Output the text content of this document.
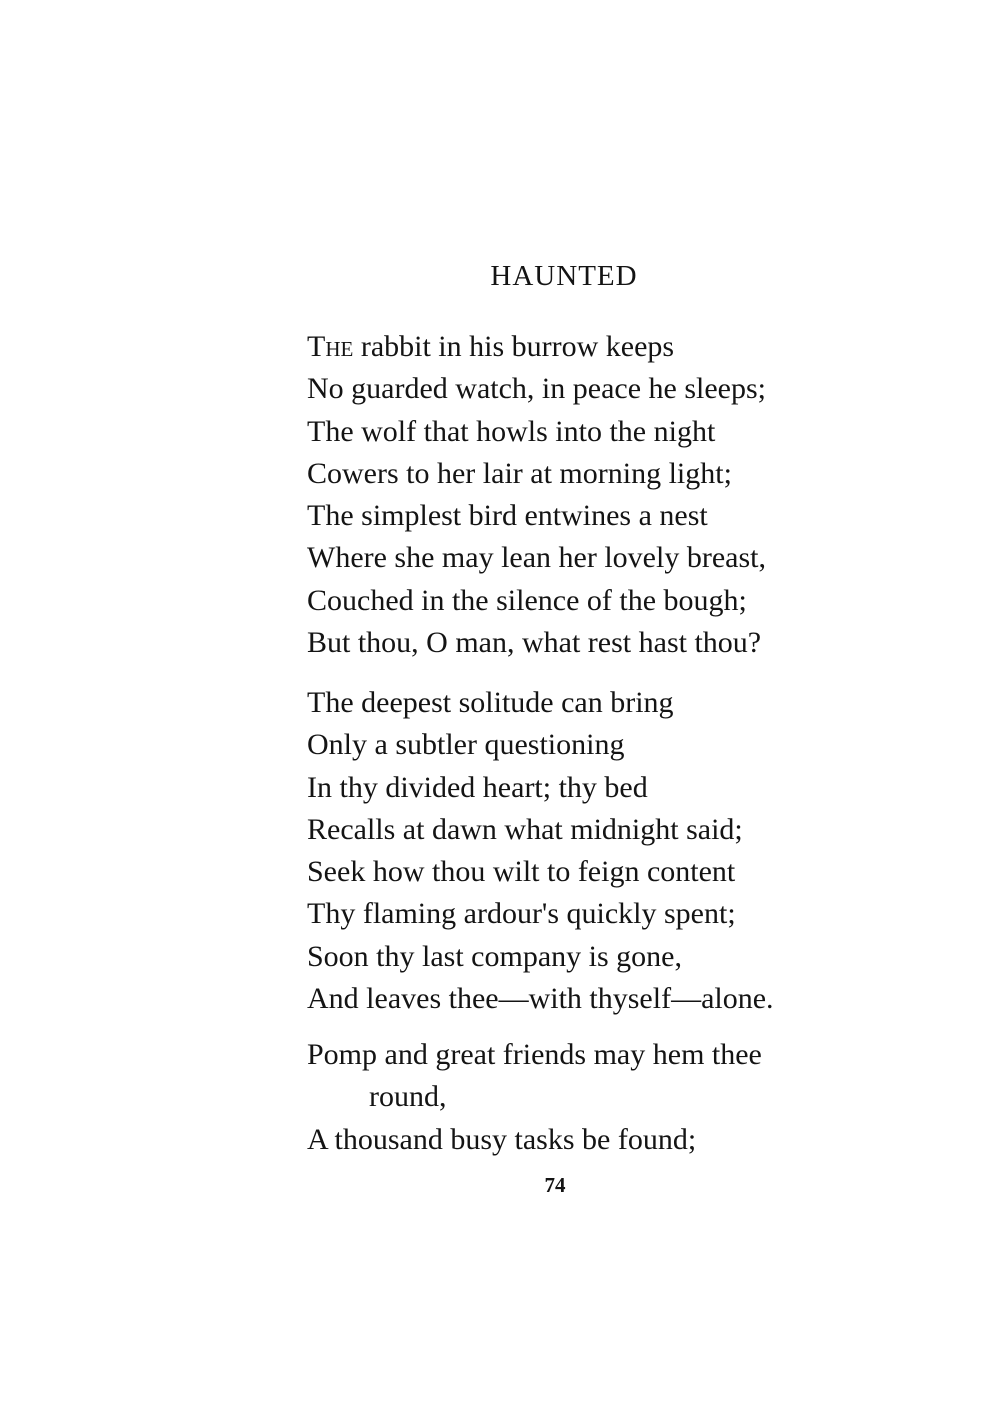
HAUNTED
The rabbit in his burrow keeps
No guarded watch, in peace he sleeps;
The wolf that howls into the night
Cowers to her lair at morning light;
The simplest bird entwines a nest
Where she may lean her lovely breast,
Couched in the silence of the bough;
But thou, O man, what rest hast thou?
The deepest solitude can bring
Only a subtler questioning
In thy divided heart; thy bed
Recalls at dawn what midnight said;
Seek how thou wilt to feign content
Thy flaming ardour's quickly spent;
Soon thy last company is gone,
And leaves thee—with thyself—alone.
Pomp and great friends may hem thee
round,
A thousand busy tasks be found;
74
